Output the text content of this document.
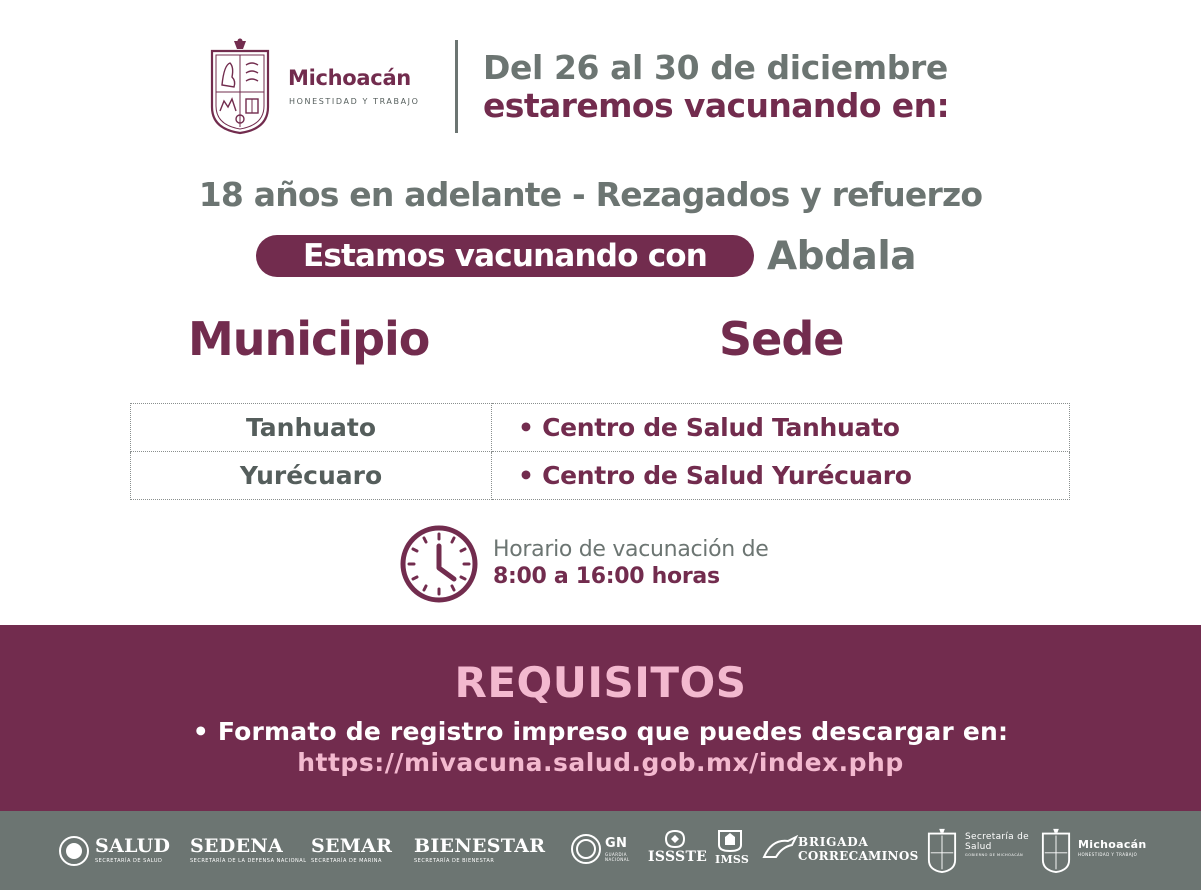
Michoacán
HONESTIDAD Y TRABAJO
Del 26 al 30 de diciembre
estaremos vacunando en:
18 años en adelante - Rezagados y refuerzo
Estamos vacunando con	Abdala
Municipio	Sede
Tanhuato	• Centro de Salud Tanhuato
Yurécuaro	• Centro de Salud Yurécuaro
Horario de vacunación de
8:00 a 16:00 horas
REQUISITOS
• Formato de registro impreso que puedes descargar en:
https://mivacuna.salud.gob.mx/index.php
SALUD
SECRETARÍA DE SALUD
SEDENA
SECRETARÍA DE LA DEFENSA NACIONAL
SEMAR
SECRETARÍA DE MARINA
BIENESTAR
SECRETARÍA DE BIENESTAR
GN
GUARDIA NACIONAL	ISSSTE IMSS
BRIGADA
CORRECAMINOS
Secretaría de Salud
GOBIERNO DE MICHOACÁN
Michoacán
HONESTIDAD Y TRABAJO
